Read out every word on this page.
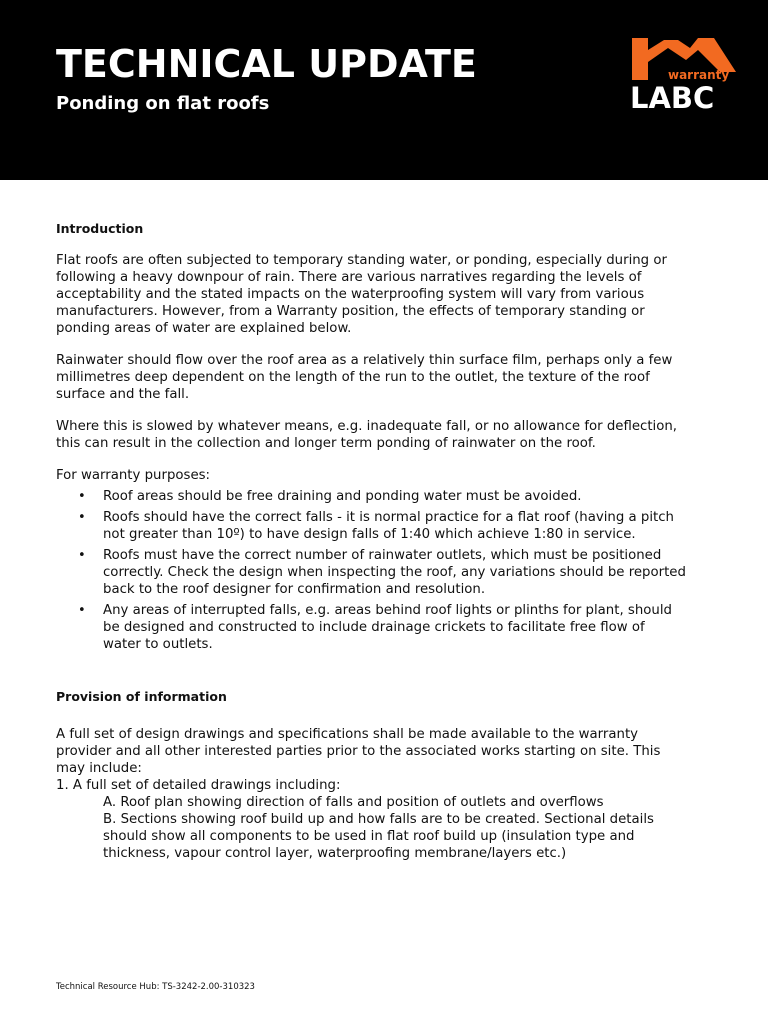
TECHNICAL UPDATE
Ponding on flat roofs
warranty
LABC
Introduction

Flat roofs are often subjected to temporary standing water, or ponding, especially during or following a heavy downpour of rain. There are various narratives regarding the levels of acceptability and the stated impacts on the waterproofing system will vary from various manufacturers. However, from a Warranty position, the effects of temporary standing or ponding areas of water are explained below.

Rainwater should flow over the roof area as a relatively thin surface film, perhaps only a few millimetres deep dependent on the length of the run to the outlet, the texture of the roof surface and the fall.

Where this is slowed by whatever means, e.g. inadequate fall, or no allowance for deflection, this can result in the collection and longer term ponding of rainwater on the roof.

For warranty purposes:

• Roof areas should be free draining and ponding water must be avoided.
• Roofs should have the correct falls - it is normal practice for a flat roof (having a pitch not greater than 10º) to have design falls of 1:40 which achieve 1:80 in service.
• Roofs must have the correct number of rainwater outlets, which must be positioned correctly. Check the design when inspecting the roof, any variations should be reported back to the roof designer for confirmation and resolution.
• Any areas of interrupted falls, e.g. areas behind roof lights or plinths for plant, should be designed and constructed to include drainage crickets to facilitate free flow of water to outlets.
Provision of information

A full set of design drawings and specifications shall be made available to the warranty provider and all other interested parties prior to the associated works starting on site. This may include:

1. A full set of detailed drawings including:

A. Roof plan showing direction of falls and position of outlets and overflows

B. Sections showing roof build up and how falls are to be created. Sectional details should show all components to be used in flat roof build up (insulation type and thickness, vapour control layer, waterproofing membrane/layers etc.)

Technical Resource Hub: TS-3242-2.00-310323
